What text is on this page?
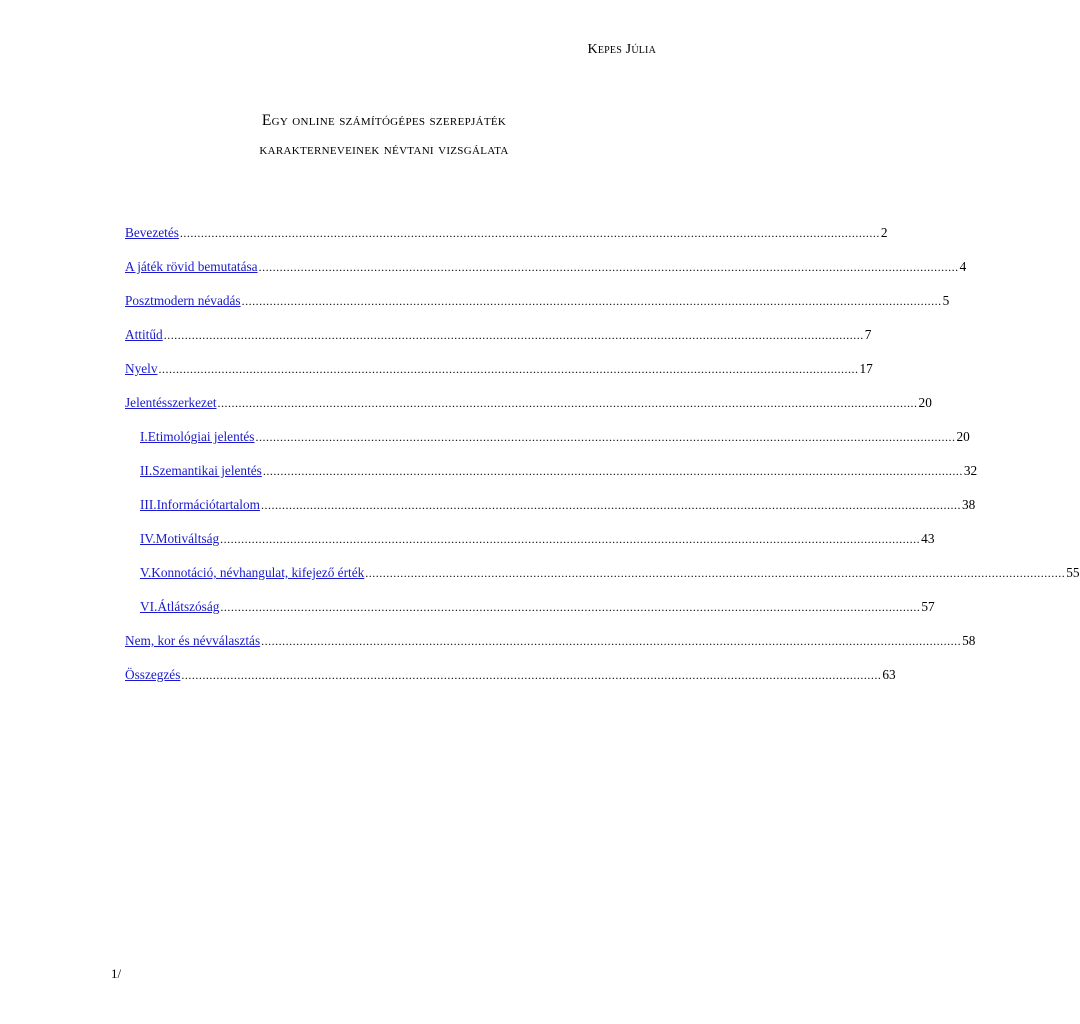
Kepes Júlia
Egy online számítógépes szerepjáték
karakterneveinek névtani vizsgálata
Bevezetés ........................................................................................................................................................................................................ 2
A játék rövid bemutatása ........................................................................................................................................................................................................ 4
Posztmodern névadás ........................................................................................................................................................................................................ 5
Attitűd ........................................................................................................................................................................................................ 7
Nyelv ........................................................................................................................................................................................................ 17
Jelentésszerkezet ........................................................................................................................................................................................................ 20
I. Etimológiai jelentés ........................................................................................................................................................................................................ 20
II. Szemantikai jelentés ........................................................................................................................................................................................................ 32
III. Információtartalom ........................................................................................................................................................................................................ 38
IV. Motiváltság ........................................................................................................................................................................................................ 43
V. Konnotáció, névhangulat, kifejező érték ........................................................................................................................................................................................................ 55
VI. Átlátszóság ........................................................................................................................................................................................................ 57
Nem, kor és névválasztás ........................................................................................................................................................................................................ 58
Összegzés ........................................................................................................................................................................................................ 63
1/
